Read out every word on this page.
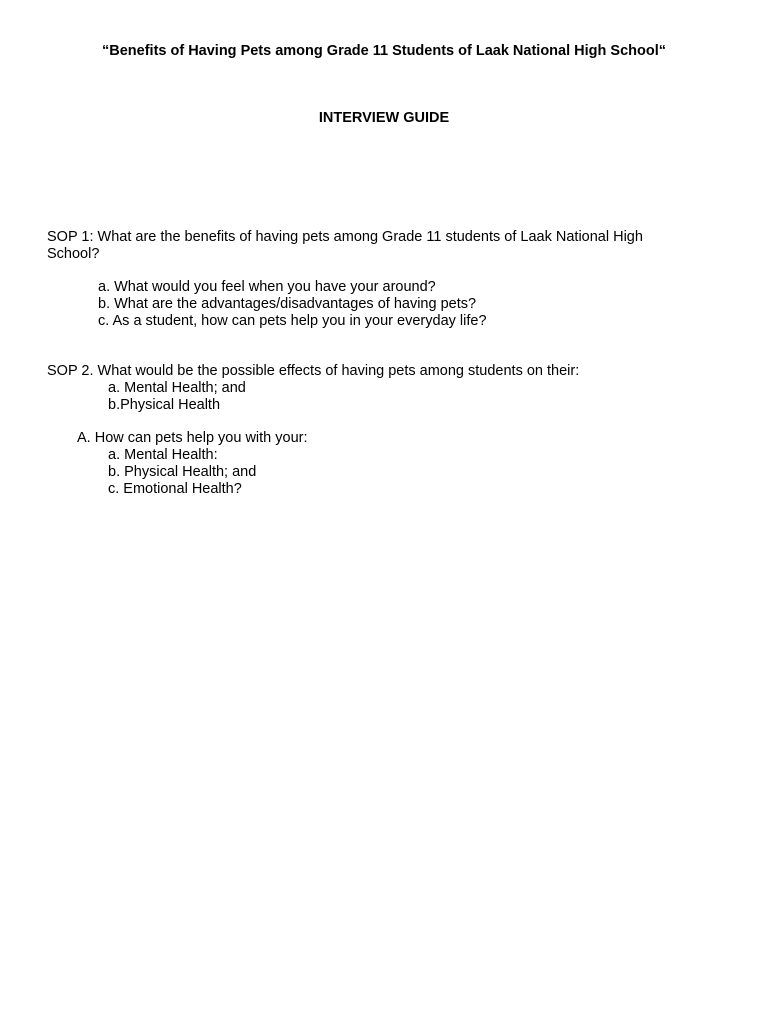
“Benefits of Having Pets among Grade 11 Students of Laak National High School“
INTERVIEW GUIDE
SOP 1: What are the benefits of having pets among Grade 11 students of Laak National High
School?
a. What would you feel when you have your around?
b. What are the advantages/disadvantages of having pets?
c. As a student, how can pets help you in your everyday life?
SOP 2. What would be the possible effects of having pets among students on their:
a. Mental Health; and
b.Physical Health
A. How can pets help you with your:
a. Mental Health:
b. Physical Health; and
c. Emotional Health?
